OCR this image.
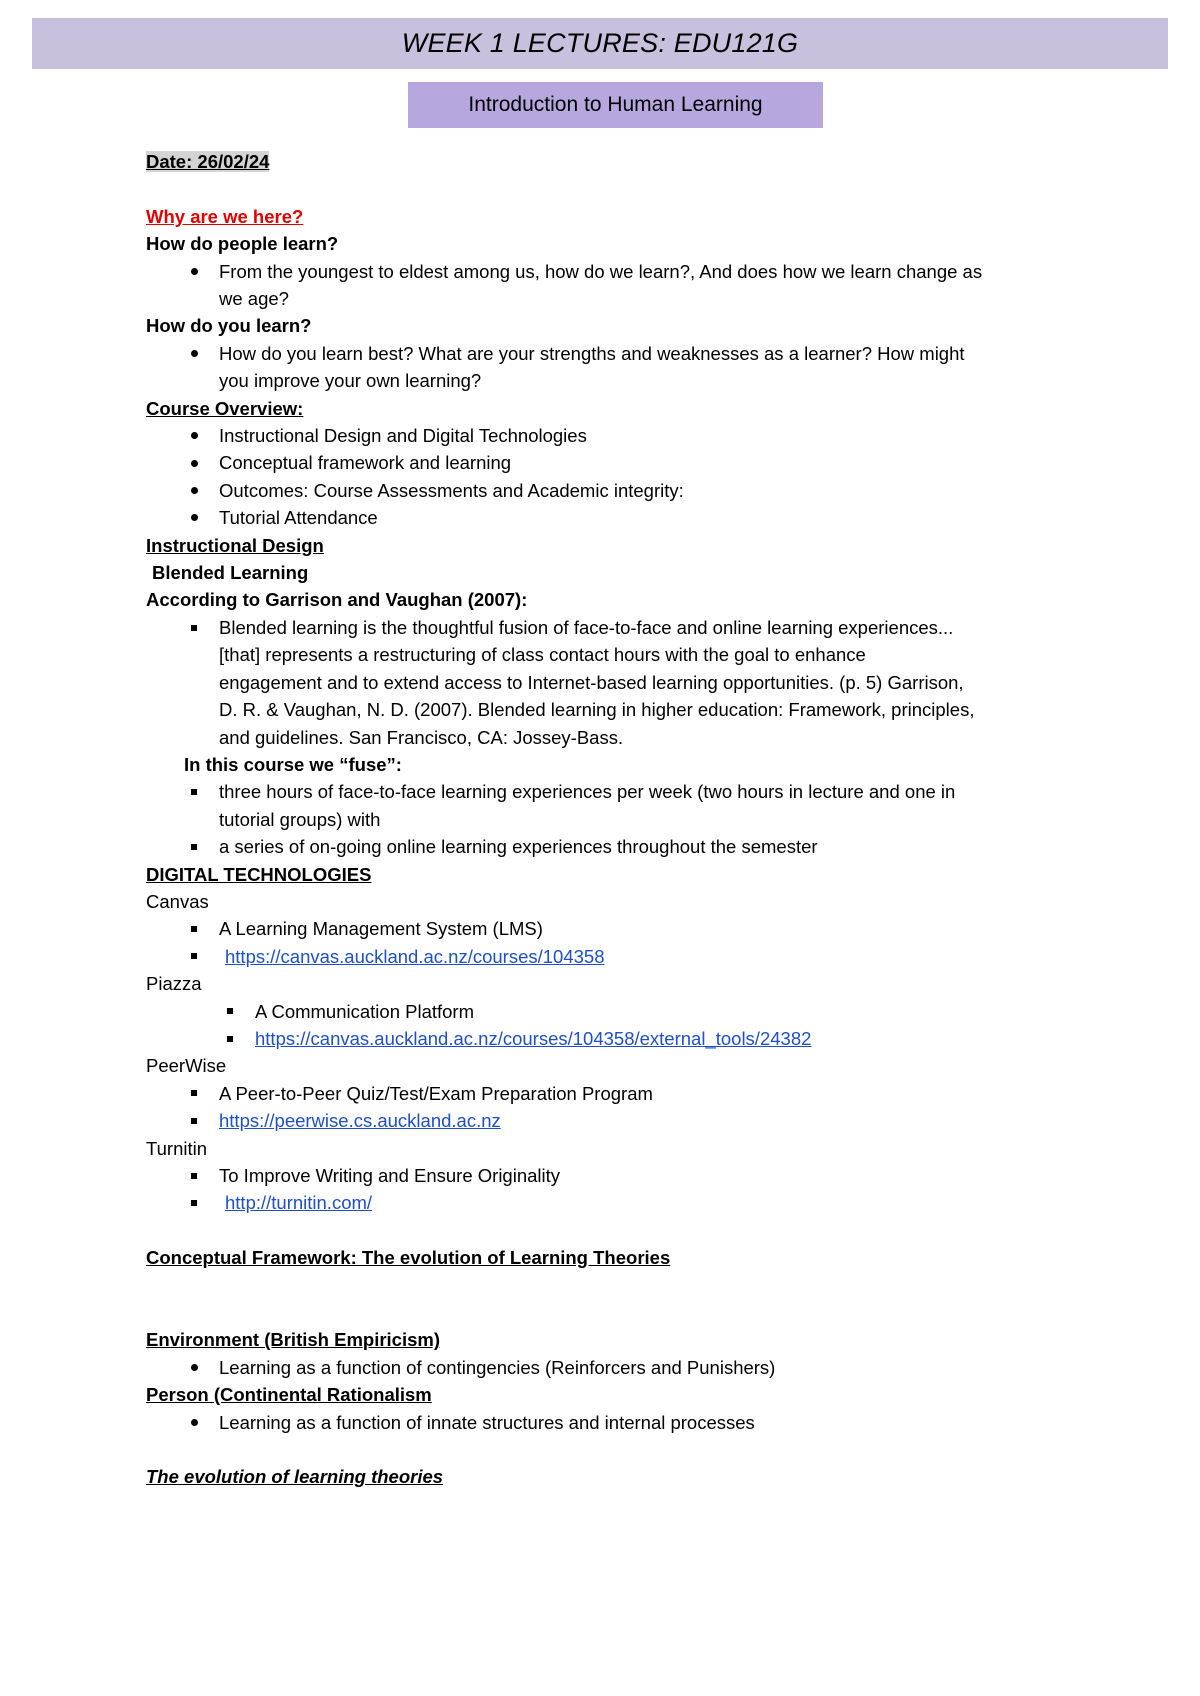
WEEK 1 LECTURES: EDU121G
Introduction to Human Learning
Date: 26/02/24
Why are we here?
How do people learn?
From the youngest to eldest among us, how do we learn?, And does how we learn change as
we age?
How do you learn?
How do you learn best? What are your strengths and weaknesses as a learner? How might
you improve your own learning?
Course Overview:
Instructional Design and Digital Technologies
Conceptual framework and learning
Outcomes: Course Assessments and Academic integrity:
Tutorial Attendance
Instructional Design
Blended Learning
According to Garrison and Vaughan (2007):
Blended learning is the thoughtful fusion of face-to-face and online learning experiences...
[that] represents a restructuring of class contact hours with the goal to enhance
engagement and to extend access to Internet-based learning opportunities. (p. 5) Garrison,
D. R. & Vaughan, N. D. (2007). Blended learning in higher education: Framework, principles,
and guidelines. San Francisco, CA: Jossey-Bass.
In this course we “fuse”:
three hours of face-to-face learning experiences per week (two hours in lecture and one in
tutorial groups) with
a series of on-going online learning experiences throughout the semester
DIGITAL TECHNOLOGIES
Canvas
A Learning Management System (LMS)
https://canvas.auckland.ac.nz/courses/104358
Piazza
A Communication Platform
https://canvas.auckland.ac.nz/courses/104358/external_tools/24382
PeerWise
A Peer-to-Peer Quiz/Test/Exam Preparation Program
https://peerwise.cs.auckland.ac.nz
Turnitin
To Improve Writing and Ensure Originality
http://turnitin.com/
Conceptual Framework: The evolution of Learning Theories
Environment (British Empiricism)
Learning as a function of contingencies (Reinforcers and Punishers)
Person (Continental Rationalism
Learning as a function of innate structures and internal processes
The evolution of learning theories
